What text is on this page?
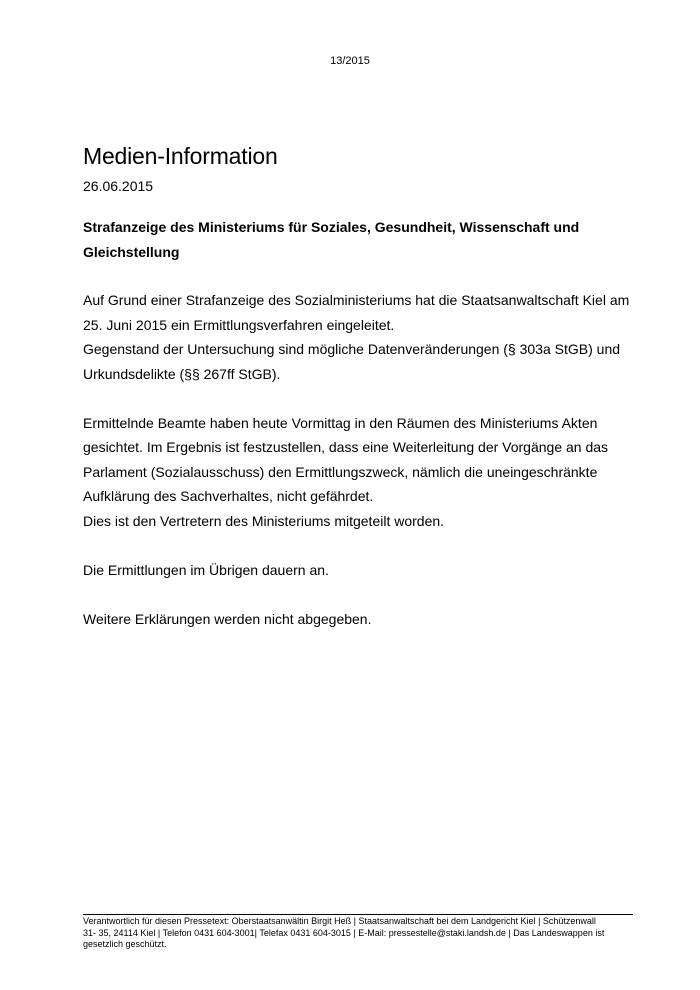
13/2015
Medien-Information
26.06.2015
Strafanzeige des Ministeriums für Soziales, Gesundheit, Wissenschaft und Gleichstellung

Auf Grund einer Strafanzeige des Sozialministeriums hat die Staatsanwaltschaft Kiel am
25. Juni 2015 ein Ermittlungsverfahren eingeleitet.
Gegenstand der Untersuchung sind mögliche Datenveränderungen (§ 303a StGB) und
Urkundsdelikte (§§ 267ff StGB).

Ermittelnde Beamte haben heute Vormittag in den Räumen des Ministeriums Akten
gesichtet. Im Ergebnis ist festzustellen, dass eine Weiterleitung der Vorgänge an das
Parlament (Sozialausschuss) den Ermittlungszweck, nämlich die uneingeschränkte
Aufklärung des Sachverhaltes, nicht gefährdet.
Dies ist den Vertretern des Ministeriums mitgeteilt worden.

Die Ermittlungen im Übrigen dauern an.

Weitere Erklärungen werden nicht abgegeben.

Verantwortlich für diesen Pressetext: Oberstaatsanwältin Birgit Heß | Staatsanwaltschaft bei dem Landgericht Kiel | Schützenwall
31- 35, 24114 Kiel | Telefon 0431 604-3001| Telefax 0431 604-3015 | E-Mail: pressestelle@staki.landsh.de | Das Landeswappen ist
gesetzlich geschützt.
